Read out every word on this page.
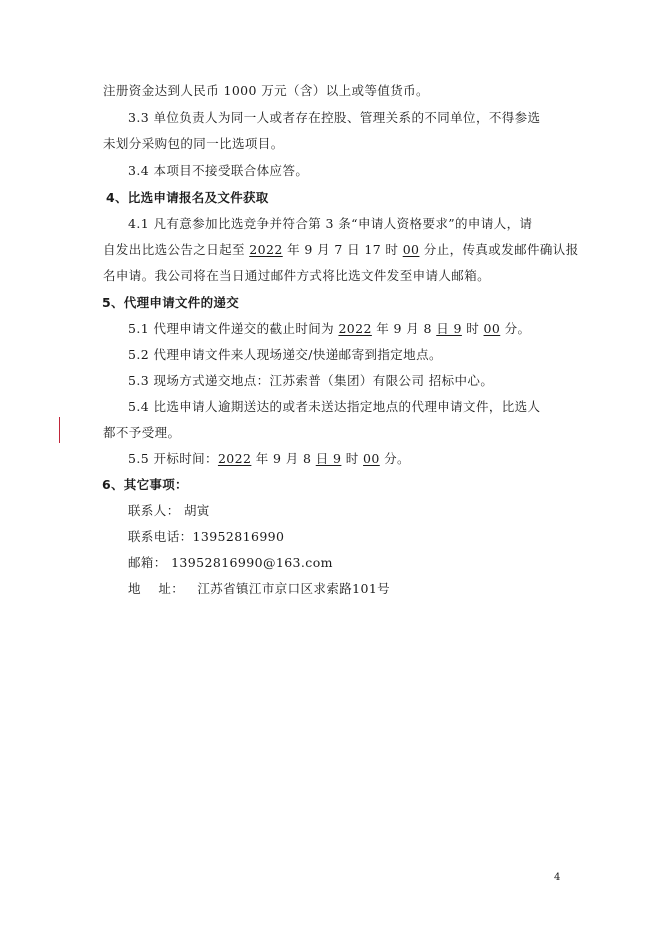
注册资金达到人民币 1000 万元（含）以上或等值货币。
3.3 单位负责人为同一人或者存在控股、管理关系的不同单位，不得参选
未划分采购包的同一比选项目。
3.4 本项目不接受联合体应答。
4、比选申请报名及文件获取
4.1 凡有意参加比选竞争并符合第 3 条“申请人资格要求”的申请人，请
自发出比选公告之日起至 2022 年 9 月 7 日 17 时 00 分止，传真或发邮件确认报
名申请。我公司将在当日通过邮件方式将比选文件发至申请人邮箱。
5、代理申请文件的递交
5.1 代理申请文件递交的截止时间为 2022 年 9 月 8 日 9 时 00 分。
5.2 代理申请文件来人现场递交/快递邮寄到指定地点。
5.3 现场方式递交地点：江苏索普（集团）有限公司 招标中心。
5.4 比选申请人逾期送达的或者未送达指定地点的代理申请文件，比选人
都不予受理。
5.5 开标时间：2022 年 9 月 8 日 9 时 00 分。
6、其它事项：
联系人： 胡寅
联系电话：13952816990
邮箱： 13952816990@163.com
地    址：   江苏省镇江市京口区求索路101号
4
